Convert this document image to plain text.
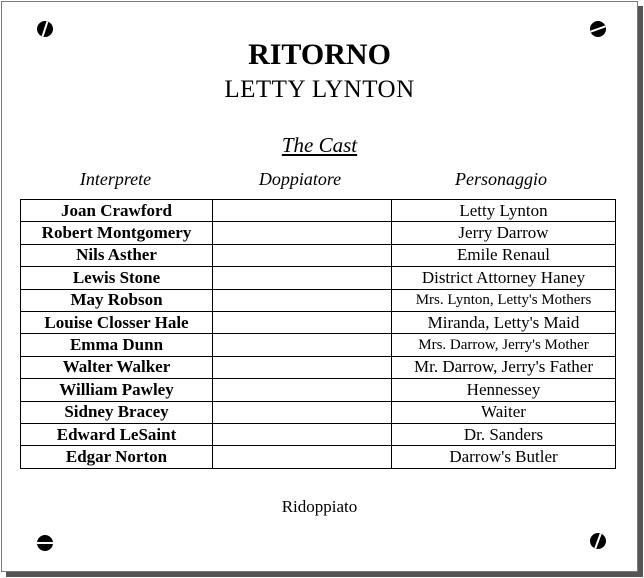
RITORNO
LETTY LYNTON
The Cast
Interprete	Doppiatore	Personaggio
Joan Crawford		Letty Lynton
Robert Montgomery		Jerry Darrow
Nils Asther		Emile Renaul
Lewis Stone		District Attorney Haney
May Robson		Mrs. Lynton, Letty's Mothers
Louise Closser Hale		Miranda, Letty's Maid
Emma Dunn		Mrs. Darrow, Jerry's Mother
Walter Walker		Mr. Darrow, Jerry's Father
William Pawley		Hennessey
Sidney Bracey		Waiter
Edward LeSaint		Dr. Sanders
Edgar Norton		Darrow's Butler
Ridoppiato
